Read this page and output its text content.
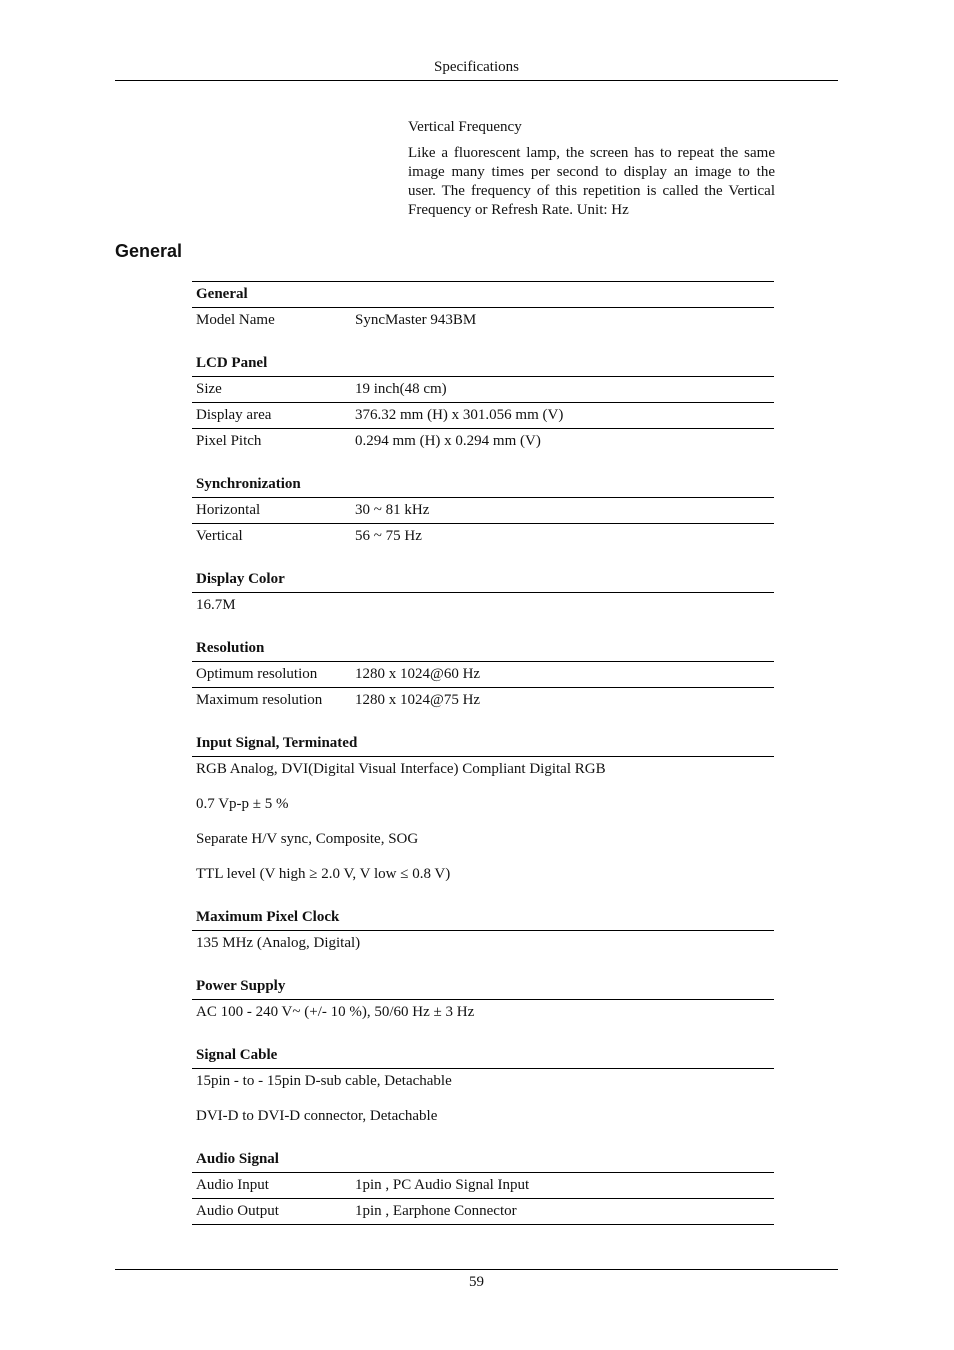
Specifications

Vertical Frequency

Like a fluorescent lamp, the screen has to repeat the same image many times per second to display an image to the user. The frequency of this repetition is called the Vertical Frequency or Refresh Rate. Unit: Hz

General
General
Model Name	SyncMaster 943BM
LCD Panel
Size	19 inch(48 cm)
Display area	376.32 mm (H) x 301.056 mm (V)
Pixel Pitch	0.294 mm (H) x 0.294 mm (V)
Synchronization
Horizontal	30 ~ 81 kHz
Vertical	56 ~ 75 Hz
Display Color
16.7M
Resolution
Optimum resolution	1280 x 1024@60 Hz
Maximum resolution	1280 x 1024@75 Hz
Input Signal, Terminated
RGB Analog, DVI(Digital Visual Interface) Compliant Digital RGB
0.7 Vp-p ± 5 %
Separate H/V sync, Composite, SOG
TTL level (V high ≥ 2.0 V, V low ≤ 0.8 V)
Maximum Pixel Clock
135 MHz (Analog, Digital)
Power Supply
AC 100 - 240 V~ (+/- 10 %), 50/60 Hz ± 3 Hz
Signal Cable
15pin - to - 15pin D-sub cable, Detachable
DVI-D to DVI-D connector, Detachable
Audio Signal
Audio Input	1pin , PC Audio Signal Input
Audio Output	1pin , Earphone Connector
59
